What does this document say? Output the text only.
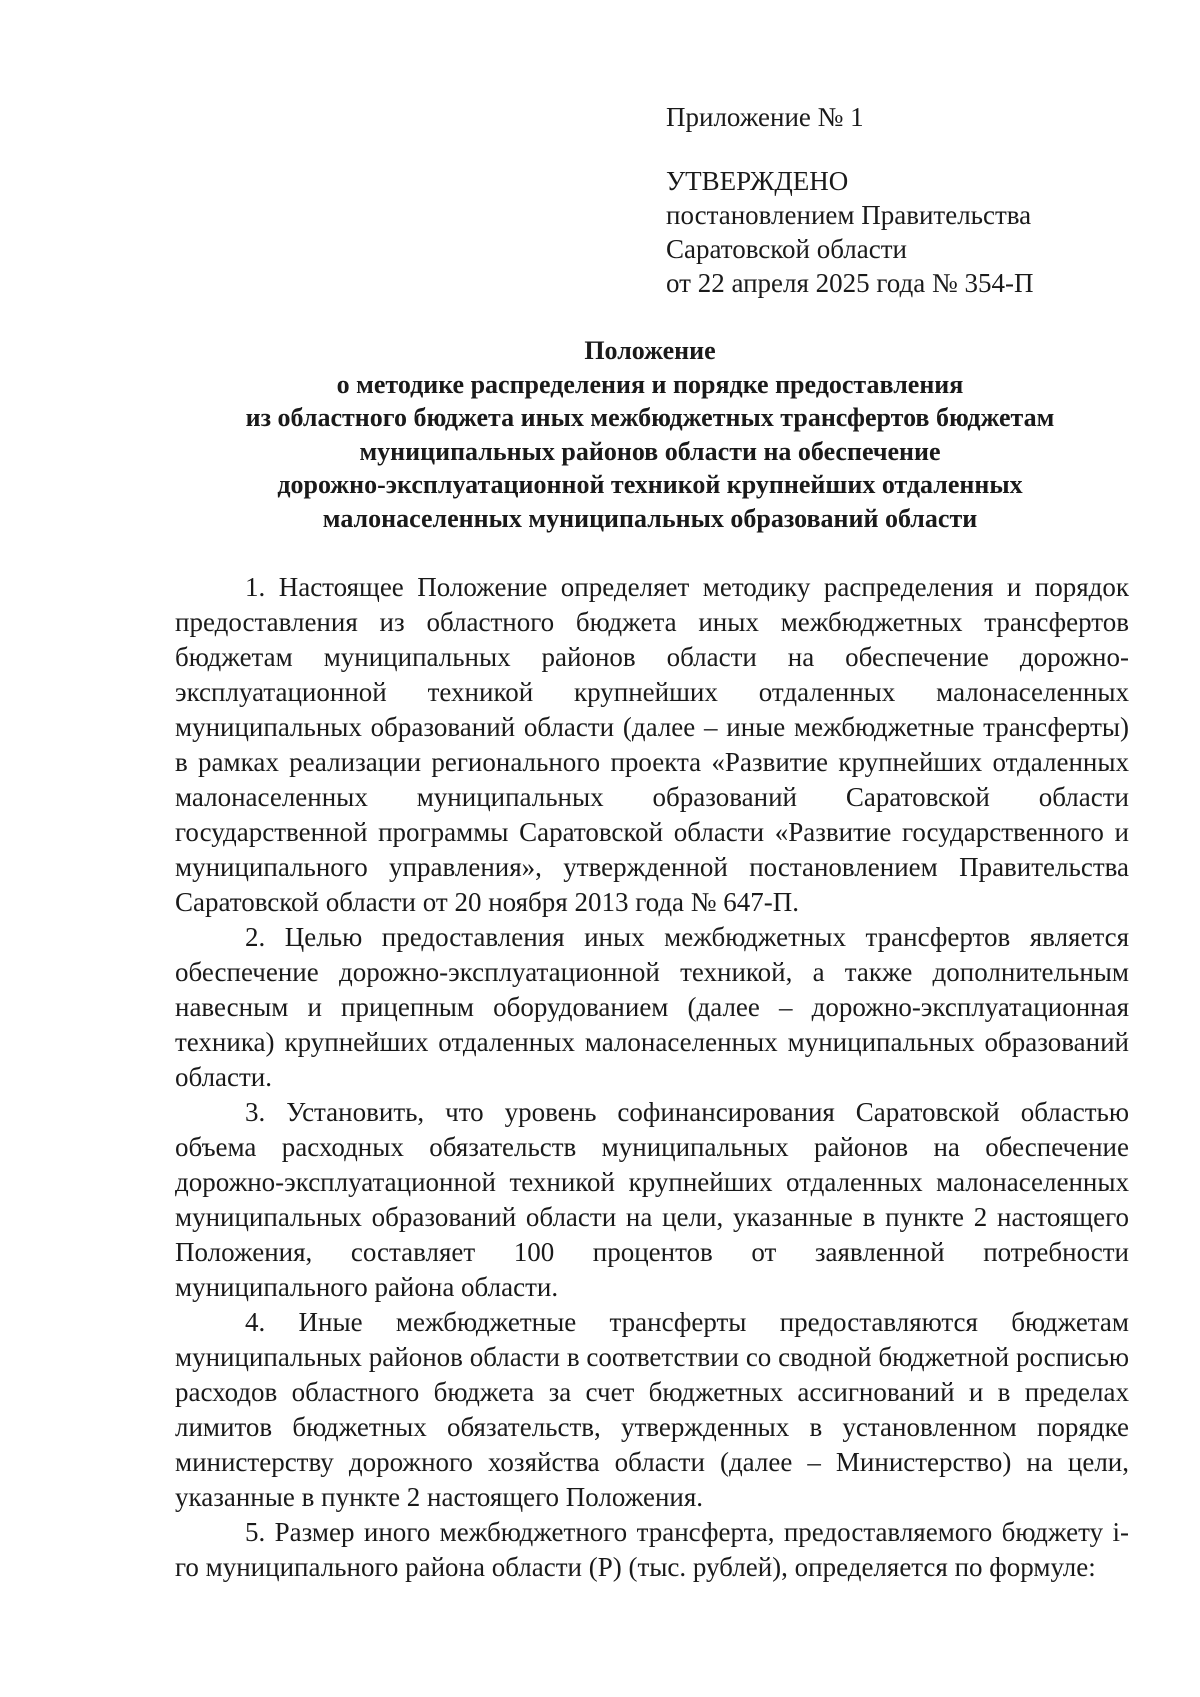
Приложение № 1
УТВЕРЖДЕНО
постановлением Правительства
Саратовской области
от 22 апреля 2025 года № 354-П
Положение
о методике распределения и порядке предоставления
из областного бюджета иных межбюджетных трансфертов бюджетам
муниципальных районов области на обеспечение
дорожно-эксплуатационной техникой крупнейших отдаленных
малонаселенных муниципальных образований области

1. Настоящее Положение определяет методику распределения и порядок предоставления из областного бюджета иных межбюджетных трансфертов бюджетам муниципальных районов области на обеспечение дорожно-эксплуатационной техникой крупнейших отдаленных малонаселенных муниципальных образований области (далее – иные межбюджетные трансферты) в рамках реализации регионального проекта «Развитие крупнейших отдаленных малонаселенных муниципальных образований Саратовской области государственной программы Саратовской области «Развитие государственного и муниципального управления», утвержденной постановлением Правительства Саратовской области от 20 ноября 2013 года № 647-П.

2. Целью предоставления иных межбюджетных трансфертов является обеспечение дорожно-эксплуатационной техникой, а также дополнительным навесным и прицепным оборудованием (далее – дорожно-эксплуатационная техника) крупнейших отдаленных малонаселенных муниципальных образований области.

3. Установить, что уровень софинансирования Саратовской областью объема расходных обязательств муниципальных районов на обеспечение дорожно-эксплуатационной техникой крупнейших отдаленных малонаселенных муниципальных образований области на цели, указанные в пункте 2 настоящего Положения, составляет 100 процентов от заявленной потребности муниципального района области.

4. Иные межбюджетные трансферты предоставляются бюджетам муниципальных районов области в соответствии со сводной бюджетной росписью расходов областного бюджета за счет бюджетных ассигнований и в пределах лимитов бюджетных обязательств, утвержденных в установленном порядке министерству дорожного хозяйства области (далее – Министерство) на цели, указанные в пункте 2 настоящего Положения.

5. Размер иного межбюджетного трансферта, предоставляемого бюджету i-го муниципального района области (P) (тыс. рублей), определяется по формуле:
